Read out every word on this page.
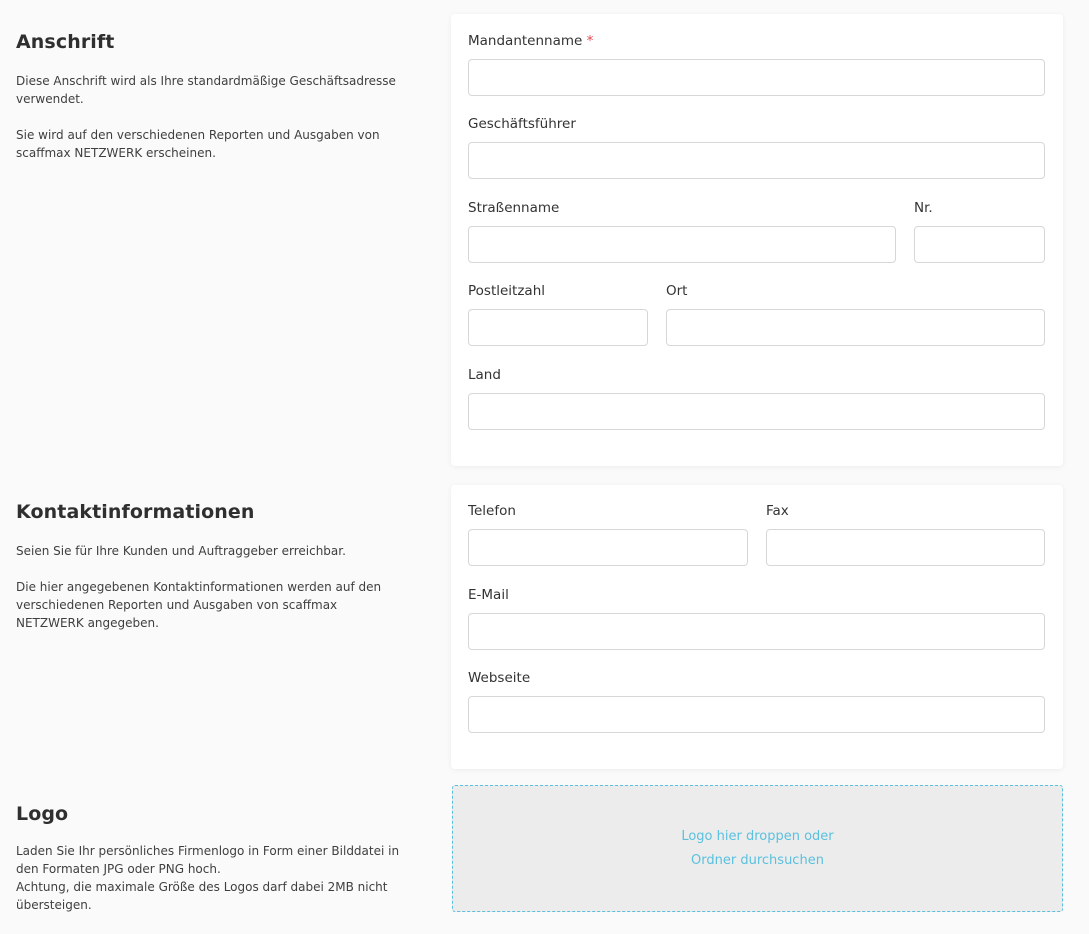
Anschrift

Diese Anschrift wird als Ihre standardmäßige Geschäftsadresse
verwendet.

Sie wird auf den verschiedenen Reporten und Ausgaben von
scaffmax NETZWERK erscheinen.

Mandantenname *
Geschäftsführer
Straßenname	Nr.
Postleitzahl	Ort
Land
Kontaktinformationen

Seien Sie für Ihre Kunden und Auftraggeber erreichbar.

Die hier angegebenen Kontaktinformationen werden auf den
verschiedenen Reporten und Ausgaben von scaffmax
NETZWERK angegeben.

Telefon	Fax
E-Mail
Webseite
Logo

Laden Sie Ihr persönliches Firmenlogo in Form einer Bilddatei in
den Formaten JPG oder PNG hoch.
Achtung, die maximale Größe des Logos darf dabei 2MB nicht
übersteigen.

Logo hier droppen oder
Ordner durchsuchen
